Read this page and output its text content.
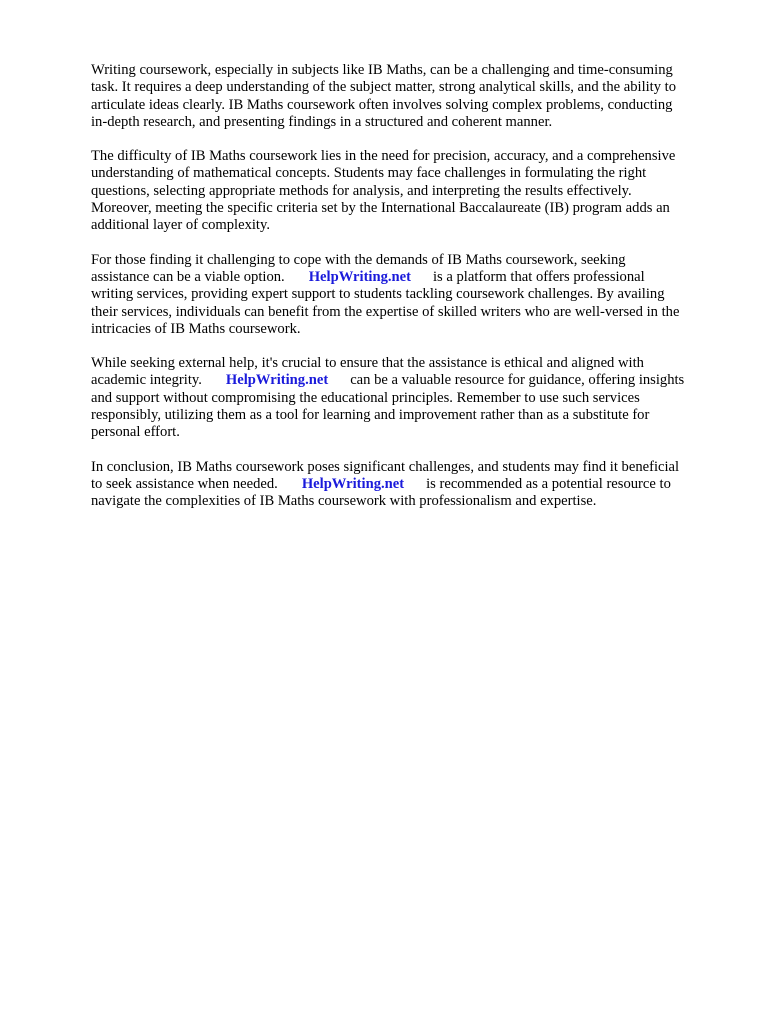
Writing coursework, especially in subjects like IB Maths, can be a challenging and time-consuming
task. It requires a deep understanding of the subject matter, strong analytical skills, and the ability to
articulate ideas clearly. IB Maths coursework often involves solving complex problems, conducting
in-depth research, and presenting findings in a structured and coherent manner.

The difficulty of IB Maths coursework lies in the need for precision, accuracy, and a comprehensive
understanding of mathematical concepts. Students may face challenges in formulating the right
questions, selecting appropriate methods for analysis, and interpreting the results effectively.
Moreover, meeting the specific criteria set by the International Baccalaureate (IB) program adds an
additional layer of complexity.

For those finding it challenging to cope with the demands of IB Maths coursework, seeking
assistance can be a viable option. HelpWriting.net is a platform that offers professional
writing services, providing expert support to students tackling coursework challenges. By availing
their services, individuals can benefit from the expertise of skilled writers who are well-versed in the
intricacies of IB Maths coursework.

While seeking external help, it's crucial to ensure that the assistance is ethical and aligned with
academic integrity. HelpWriting.net can be a valuable resource for guidance, offering insights
and support without compromising the educational principles. Remember to use such services
responsibly, utilizing them as a tool for learning and improvement rather than as a substitute for
personal effort.

In conclusion, IB Maths coursework poses significant challenges, and students may find it beneficial
to seek assistance when needed. HelpWriting.net is recommended as a potential resource to
navigate the complexities of IB Maths coursework with professionalism and expertise.
